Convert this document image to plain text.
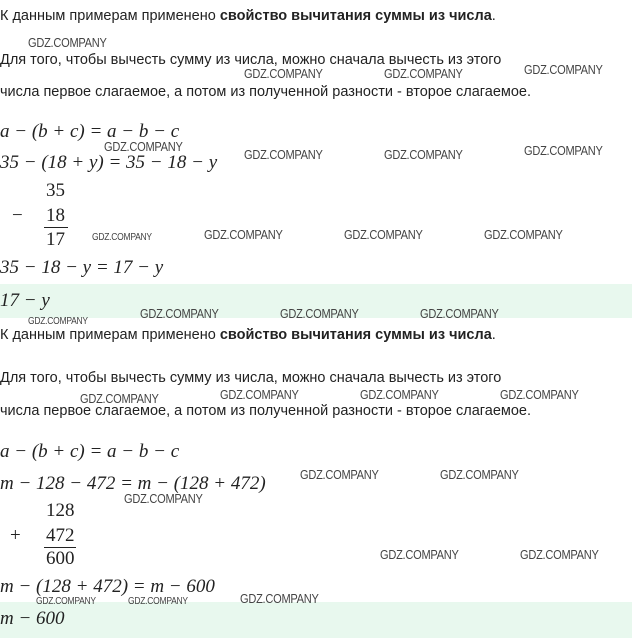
К данным примерам применено свойство вычитания суммы из числа.
Для того, чтобы вычесть сумму из числа, можно сначала вычесть из этого
числа первое слагаемое, а потом из полученной разности - второе слагаемое.
a − (b + c) = a − b − c
35 − (18 + y) = 35 − 18 − y
35
− 18
17
35 − 18 − y = 17 − y
17 − y
К данным примерам применено свойство вычитания суммы из числа.
Для того, чтобы вычесть сумму из числа, можно сначала вычесть из этого
числа первое слагаемое, а потом из полученной разности - второе слагаемое.
a − (b + c) = a − b − c
m − 128 − 472 = m − (128 + 472)
128
+ 472
600
m − (128 + 472) = m − 600
m − 600
GDZ.COMPANY
GDZ.COMPANY	GDZ.COMPANY	GDZ.COMPANY
GDZ.COMPANY
GDZ.COMPANY	GDZ.COMPANY	GDZ.COMPANY
GDZ.COMPANY	GDZ.COMPANY	GDZ.COMPANY	GDZ.COMPANY
GDZ.COMPANY
GDZ.COMPANY	GDZ.COMPANY	GDZ.COMPANY
GDZ.COMPANY	GDZ.COMPANY	GDZ.COMPANY	GDZ.COMPANY
GDZ.COMPANY	GDZ.COMPANY
GDZ.COMPANY
GDZ.COMPANY	GDZ.COMPANY
GDZ.COMPANY	GDZ.COMPANY	GDZ.COMPANY
